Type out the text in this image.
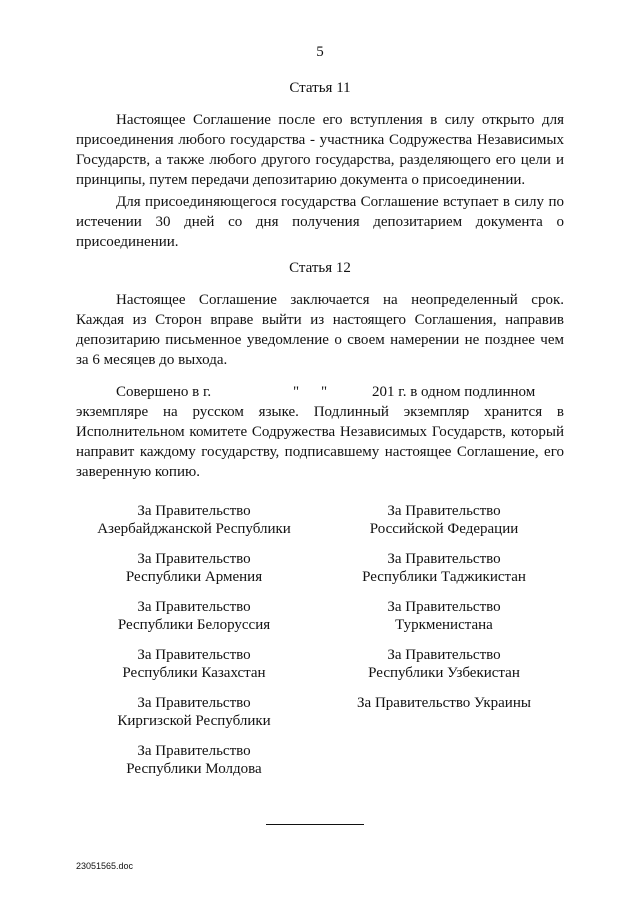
5
Статья 11

Настоящее Соглашение после его вступления в силу открыто для присоединения любого государства - участника Содружества Независимых Государств, а также любого другого государства, разделяющего его цели и принципы, путем передачи депозитарию документа о присоединении.

Для присоединяющегося государства Соглашение вступает в силу по истечении 30 дней со дня получения депозитарием документа о присоединении.

Статья 12

Настоящее Соглашение заключается на неопределенный срок. Каждая из Сторон вправе выйти из настоящего Соглашения, направив депозитарию письменное уведомление о своем намерении не позднее чем за 6 месяцев до выхода.

Совершено в г.	" "	201 г. в одном подлинном
экземпляре на русском языке. Подлинный экземпляр хранится в Исполнительном комитете Содружества Независимых Государств, который направит каждому государству, подписавшему настоящее Соглашение, его заверенную копию.
За Правительство
Азербайджанской Республики
За Правительство
Республики Армения
За Правительство
Республики Белоруссия
За Правительство
Республики Казахстан
За Правительство
Киргизской Республики
За Правительство
Республики Молдова
За Правительство
Российской Федерации
За Правительство
Республики Таджикистан
За Правительство
Туркменистана
За Правительство
Республики Узбекистан
За Правительство Украины
23051565.doc
